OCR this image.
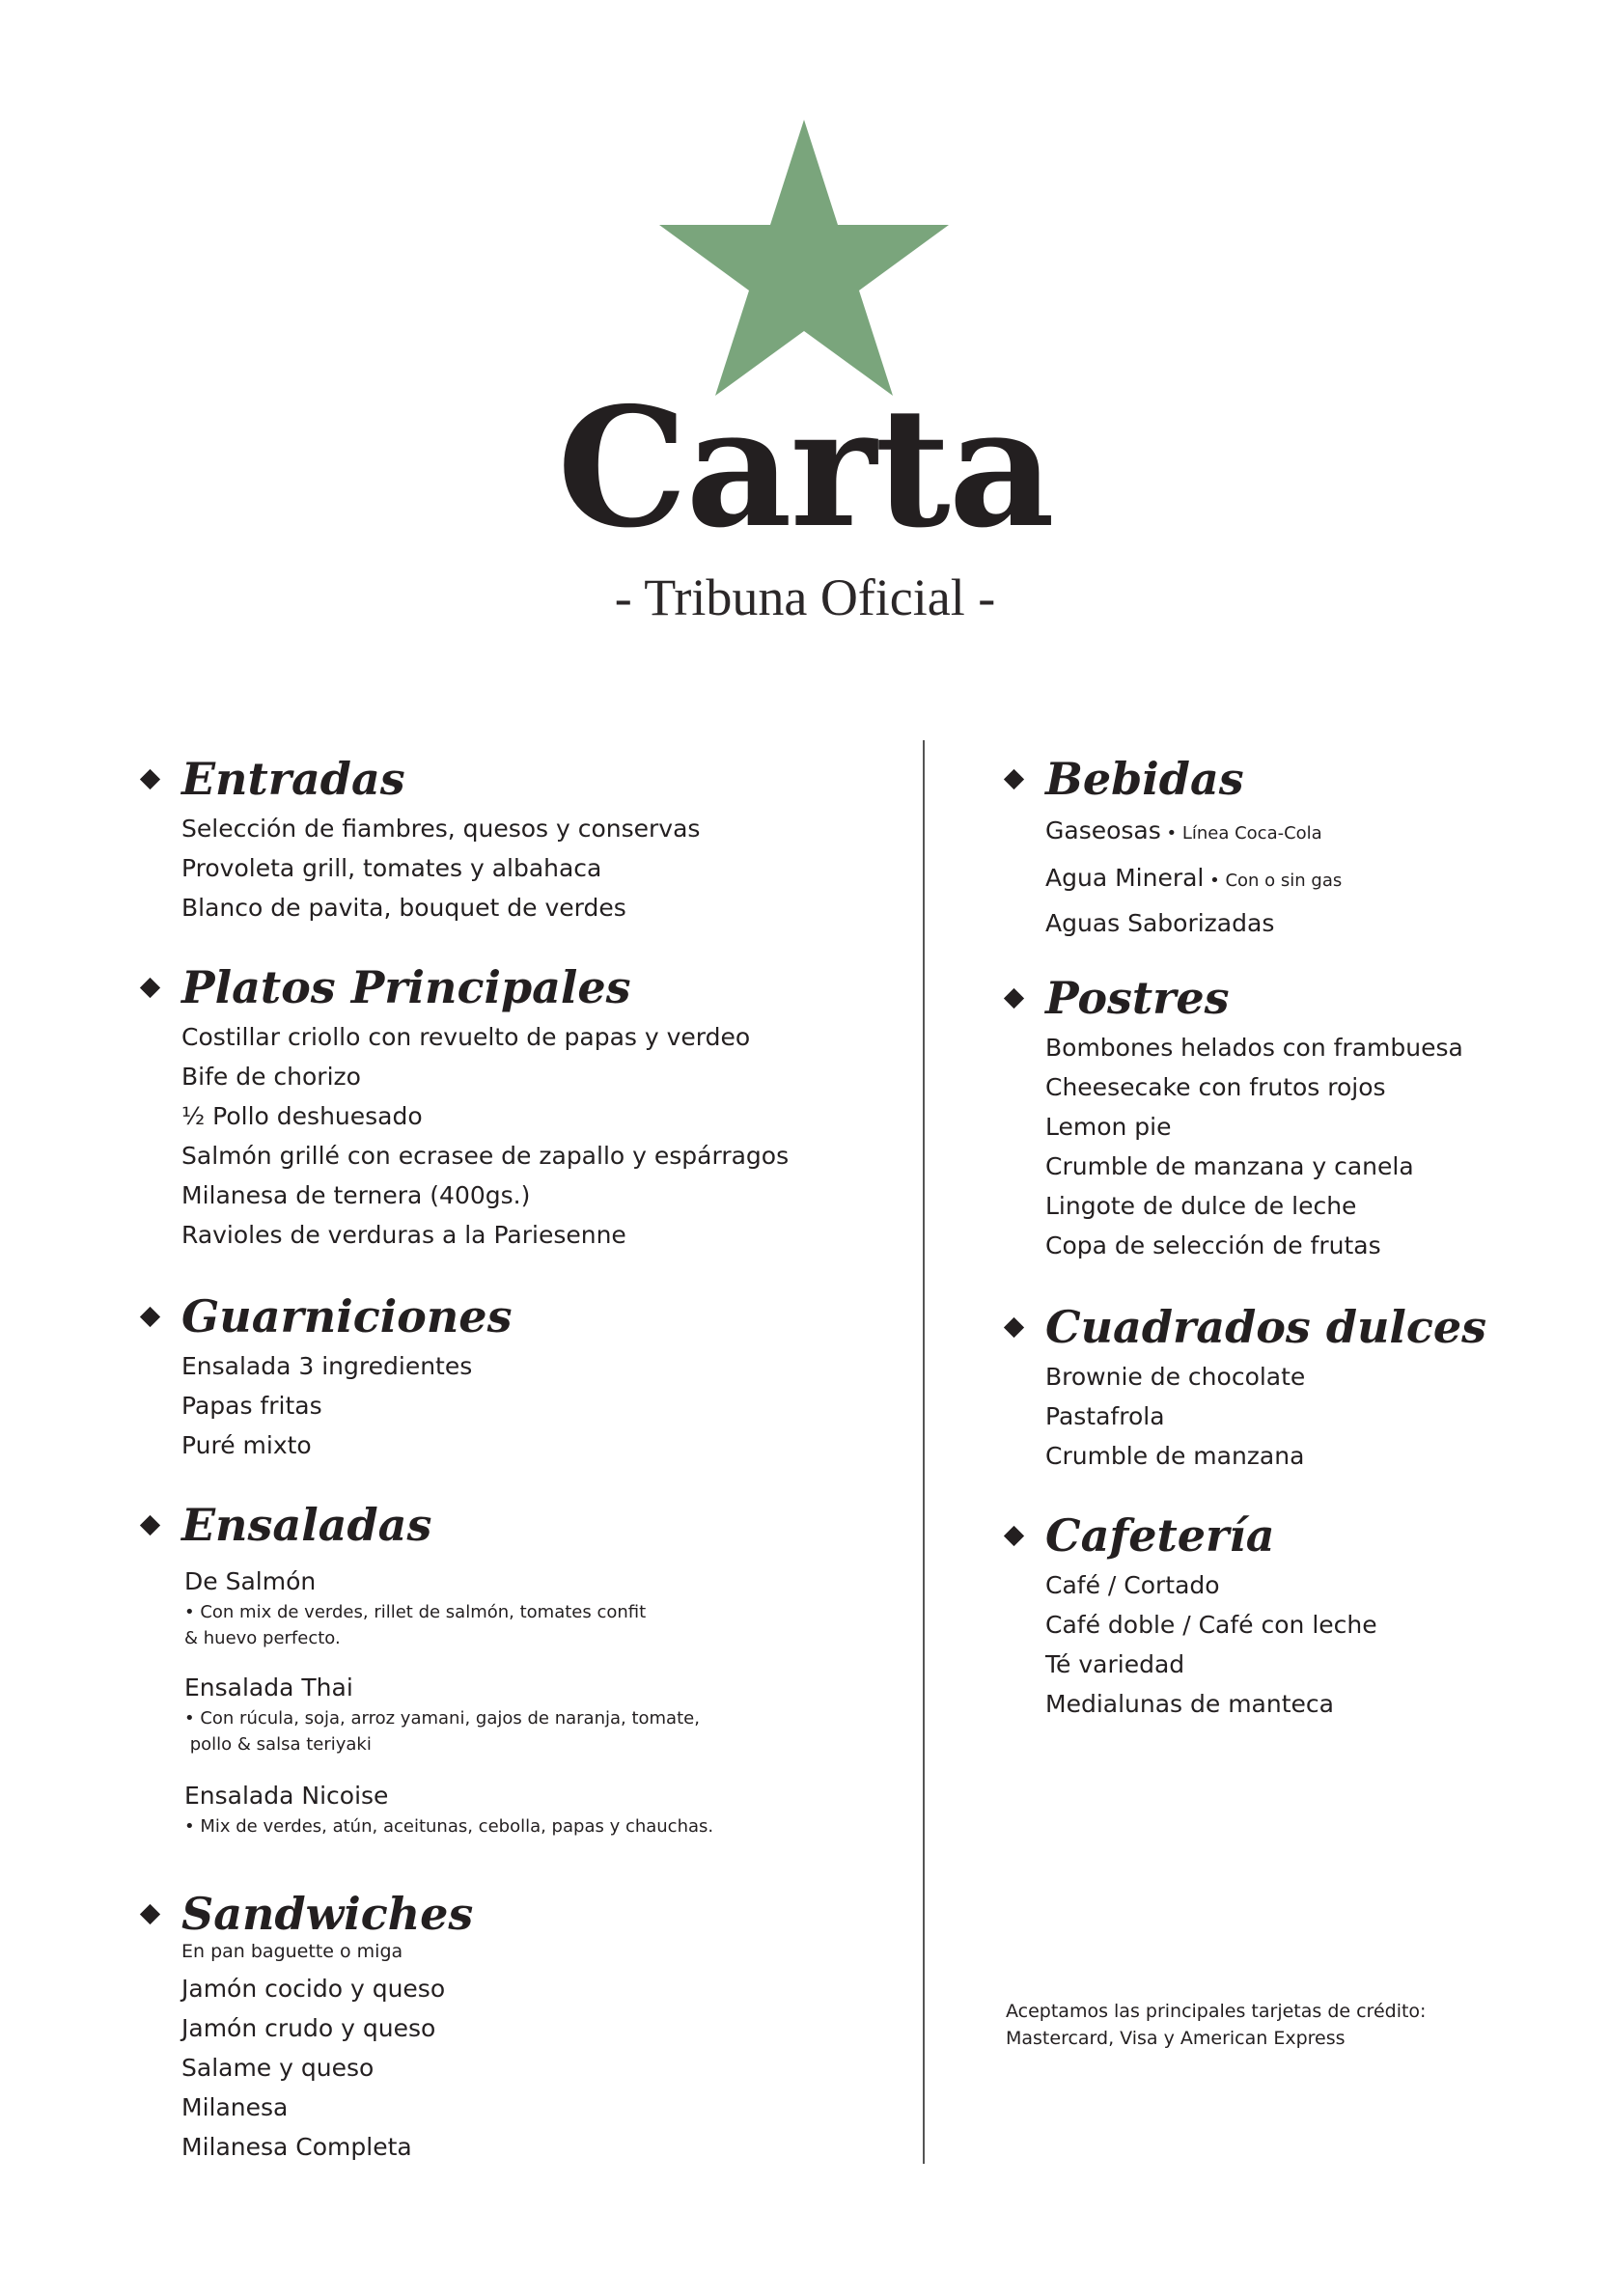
Carta
- Tribuna Oficial -
Entradas
Selección de fiambres, quesos y conservas
Provoleta grill, tomates y albahaca
Blanco de pavita, bouquet de verdes
Platos Principales
Costillar criollo con revuelto de papas y verdeo
Bife de chorizo
½ Pollo deshuesado
Salmón grillé con ecrasee de zapallo y espárragos
Milanesa de ternera (400gs.)
Ravioles de verduras a la Pariesenne
Guarniciones
Ensalada 3 ingredientes
Papas fritas
Puré mixto
Ensaladas
De Salmón
• Con mix de verdes, rillet de salmón, tomates confit
& huevo perfecto.
Ensalada Thai
• Con rúcula, soja, arroz yamani, gajos de naranja, tomate,
pollo & salsa teriyaki
Ensalada Nicoise
• Mix de verdes, atún, aceitunas, cebolla, papas y chauchas.
Sandwiches
En pan baguette o miga
Jamón cocido y queso
Jamón crudo y queso
Salame y queso
Milanesa
Milanesa Completa
Bebidas
Gaseosas • Línea Coca-Cola
Agua Mineral • Con o sin gas
Aguas Saborizadas
Postres
Bombones helados con frambuesa
Cheesecake con frutos rojos
Lemon pie
Crumble de manzana y canela
Lingote de dulce de leche
Copa de selección de frutas
Cuadrados dulces
Brownie de chocolate
Pastafrola
Crumble de manzana
Cafetería
Café / Cortado
Café doble / Café con leche
Té variedad
Medialunas de manteca
Aceptamos las principales tarjetas de crédito:
Mastercard, Visa y American Express
